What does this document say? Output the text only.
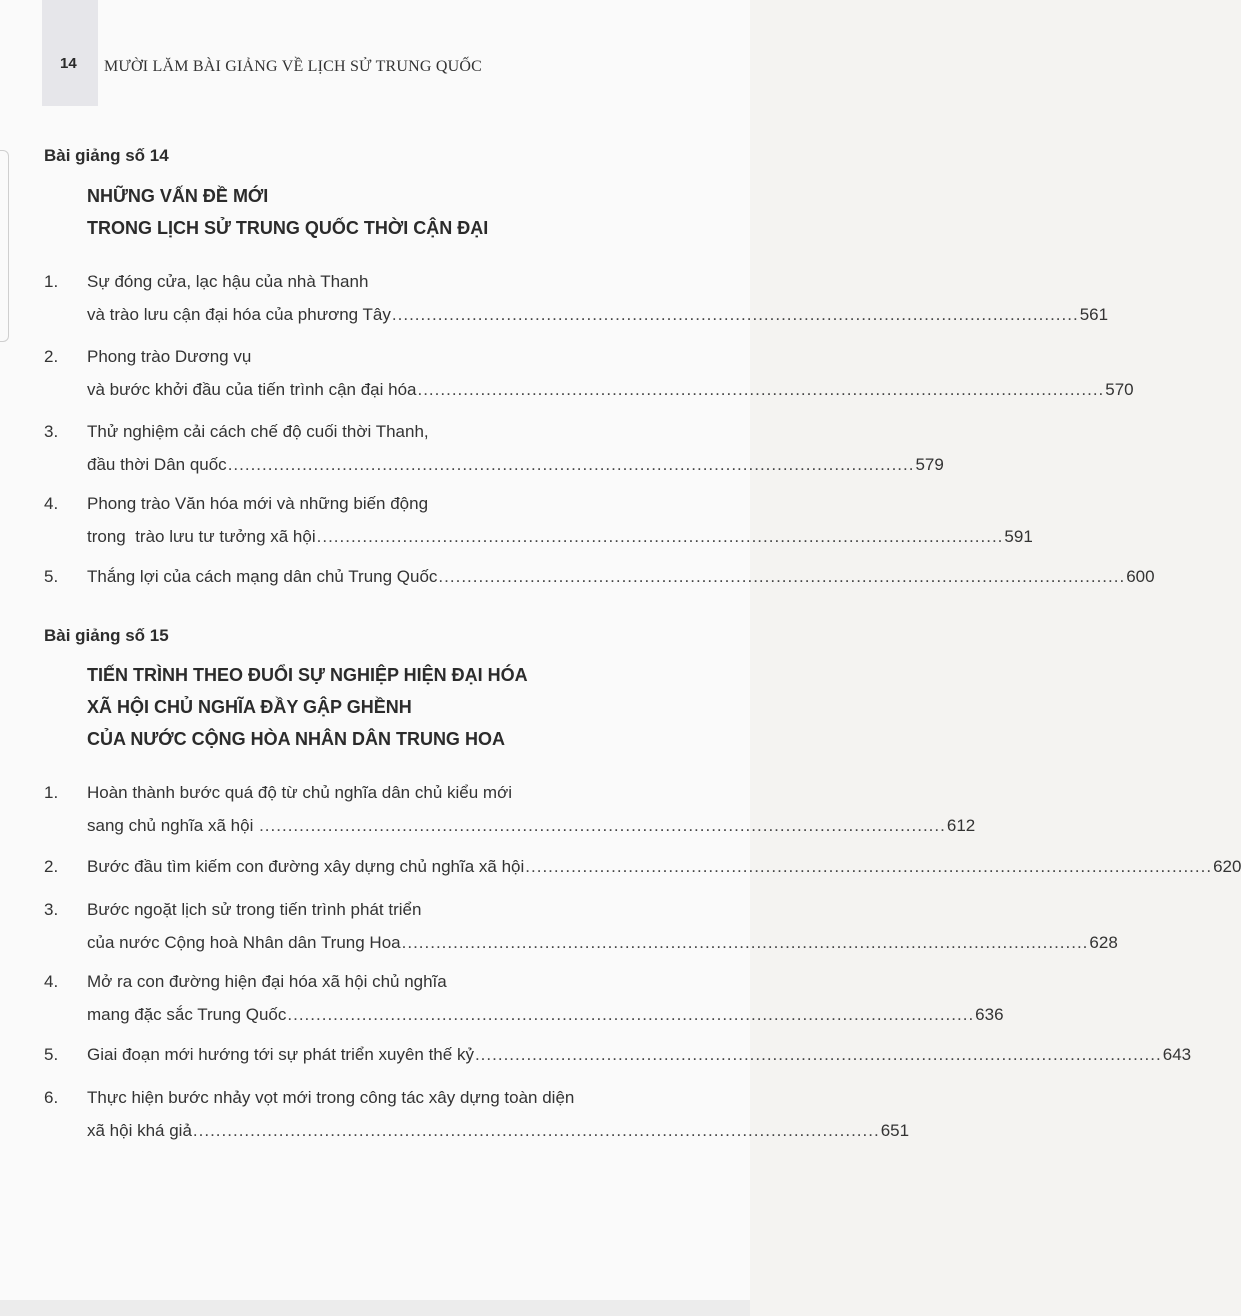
14 MƯỜI LĂM BÀI GIẢNG VỀ LỊCH SỬ TRUNG QUỐC
Bài giảng số 14
NHỮNG VẤN ĐỀ MỚI
TRONG LỊCH SỬ TRUNG QUỐC THỜI CẬN ĐẠI
1. Sự đóng cửa, lạc hậu của nhà Thanh
và trào lưu cận đại hóa của phương Tây ........................................................................................................................ 561
2. Phong trào Dương vụ
và bước khởi đầu của tiến trình cận đại hóa ........................................................................................................................ 570
3. Thử nghiệm cải cách chế độ cuối thời Thanh,
đầu thời Dân quốc ........................................................................................................................ 579
4. Phong trào Văn hóa mới và những biến động
trong  trào lưu tư tưởng xã hội ........................................................................................................................ 591
5. Thắng lợi của cách mạng dân chủ Trung Quốc ........................................................................................................................ 600
Bài giảng số 15
TIẾN TRÌNH THEO ĐUỔI SỰ NGHIỆP HIỆN ĐẠI HÓA
XÃ HỘI CHỦ NGHĨA ĐẦY GẬP GHỀNH
CỦA NƯỚC CỘNG HÒA NHÂN DÂN TRUNG HOA
1. Hoàn thành bước quá độ từ chủ nghĩa dân chủ kiểu mới
sang chủ nghĩa xã hội ........................................................................................................................ 612
2. Bước đầu tìm kiếm con đường xây dựng chủ nghĩa xã hội ........................................................................................................................ 620
3. Bước ngoặt lịch sử trong tiến trình phát triển
của nước Cộng hoà Nhân dân Trung Hoa ........................................................................................................................ 628
4. Mở ra con đường hiện đại hóa xã hội chủ nghĩa
mang đặc sắc Trung Quốc ........................................................................................................................ 636
5. Giai đoạn mới hướng tới sự phát triển xuyên thế kỷ ........................................................................................................................ 643
6. Thực hiện bước nhảy vọt mới trong công tác xây dựng toàn diện
xã hội khá giả ........................................................................................................................ 651
